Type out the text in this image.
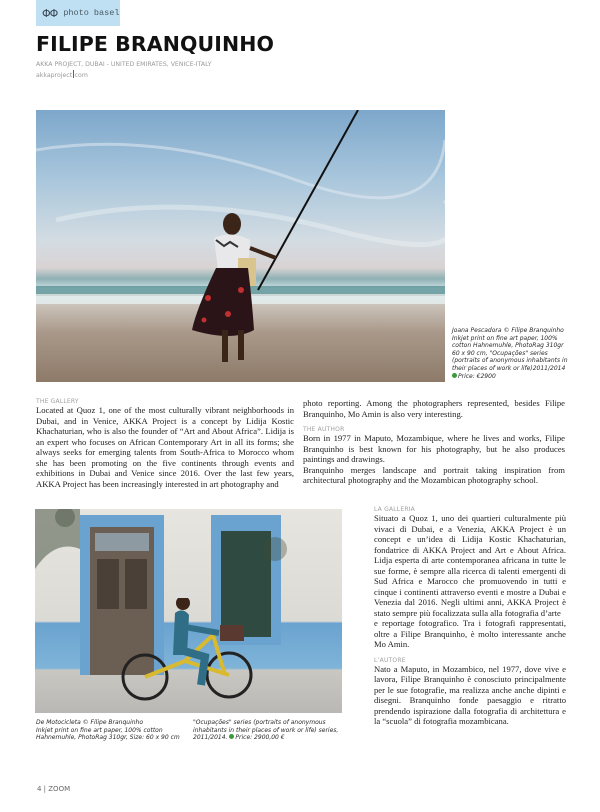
ΦΦ photo basel
FILIPE BRANQUINHO
AKKA PROJECT, DUBAI - UNITED EMIRATES, VENICE-ITALY
akkaproject com
Joana Pescadora © Filipe Branquinho
Inkjet print on fine art paper, 100%
cotton Hahnemuhle, PhotoRag 310gr
60 x 90 cm, "Ocupações" series
(portraits of anonymous inhabitants in
their places of work or life)2011/2014
Price: €2900
THE GALLERY
Located at Quoz 1, one of the most culturally vibrant neighborhoods in Dubai, and in Venice, AKKA Project is a concept by Lidija Kostic Khachaturian, who is also the founder of “Art and About Africa”. Lidija is an expert who focuses on African Contemporary Art in all its forms; she always seeks for emerging talents from South-Africa to Morocco whom she has been promoting on the five continents through events and exhibitions in Dubai and Venice since 2016. Over the last few years, AKKA Project has been increasingly interested in art photography and
photo reporting. Among the photographers represented, besides Filipe Branquinho, Mo Amin is also very interesting.
THE AUTHOR
Born in 1977 in Maputo, Mozambique, where he lives and works, Filipe Branquinho is best known for his photography, but he also produces paintings and drawings.
Branquinho merges landscape and portrait taking inspiration from architectural photography and the Mozambican photography school.
De Motocicleta © Filipe Branquinho
Inkjet print on fine art paper, 100% cotton
Hahnemuhle, PhotoRag 310gr, Size: 60 x 90 cm
"Ocupações" series (portraits of anonymous
inhabitants in their places of work or life) series,
2011/2014. Price: 2900,00 €
LA GALLERIA
Situato a Quoz 1, uno dei quartieri culturalmente più vivaci di Dubai, e a Venezia, AKKA Project è un concept e un’idea di Lidija Kostic Khachaturian, fondatrice di AKKA Project and Art e About Africa. Lidja esperta di arte contemporanea africana in tutte le sue forme, è sempre alla ricerca di talenti emergenti di Sud Africa e Marocco che promuovendo in tutti e cinque i continenti attraverso eventi e mostre a Dubai e Venezia dal 2016. Negli ultimi anni, AKKA Project è stato sempre più focalizzata sulla alla fotografia d’arte
e reportage fotografico. Tra i fotografi rappresentati, oltre a Filipe Branquinho, è molto interessante anche Mo Amin.
L’AUTORE
Nato a Maputo, in Mozambico, nel 1977, dove vive e lavora, Filipe Branquinho è conosciuto principalmente per le sue fotografie, ma realizza anche anche dipinti e disegni. Branquinho fonde paesaggio e ritratto prendendo ispirazione dalla fotografia di architettura e la “scuola” di fotografia mozambicana.
4 | ZOOM
